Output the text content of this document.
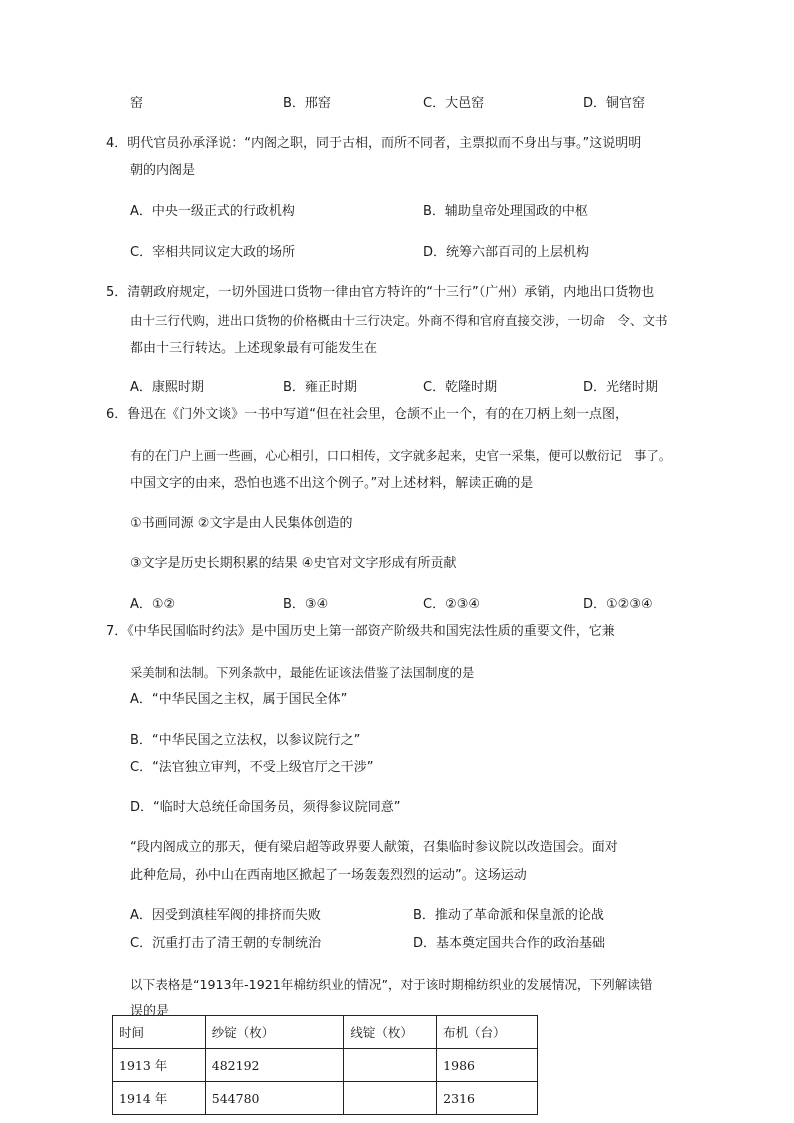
窑	B．邢窑	C．大邑窑	D．铜官窑
4．明代官员孙承泽说：“内阁之职，同于古相，而所不同者，主票拟而不身出与事。”这说明明
朝的内阁是
A．中央一级正式的行政机构	B．辅助皇帝处理国政的中枢
C．宰相共同议定大政的场所	D．统筹六部百司的上层机构
5．清朝政府规定，一切外国进口货物一律由官方特许的“十三行”（广州）承销，内地出口货物也
由十三行代购，进出口货物的价格概由十三行决定。外商不得和官府直接交涉，一切命　令、文书
都由十三行转达。上述现象最有可能发生在
A．康熙时期	B．雍正时期	C．乾隆时期	D．光绪时期
6．鲁迅在《门外文谈》一书中写道“但在社会里，仓颉不止一个，有的在刀柄上刻一点图，
有的在门户上画一些画，心心相引，口口相传，文字就多起来，史官一采集，便可以敷衍记　事了。
中国文字的由来，恐怕也逃不出这个例子。”对上述材料，解读正确的是
①书画同源 ②文字是由人民集体创造的
③文字是历史长期积累的结果 ④史官对文字形成有所贡献
A．①②	B．③④	C．②③④	D．①②③④
7．《中华民国临时约法》是中国历史上第一部资产阶级共和国宪法性质的重要文件，它兼
采美制和法制。下列条款中，最能佐证该法借鉴了法国制度的是
A．“中华民国之主权，属于国民全体”
B．“中华民国之立法权，以参议院行之”
C．“法官独立审判，不受上级官厅之干涉”
D．“临时大总统任命国务员，须得参议院同意”
“段内阁成立的那天，便有梁启超等政界要人献策，召集临时参议院以改造国会。面对
此种危局，孙中山在西南地区掀起了一场轰轰烈烈的运动”。这场运动
A．因受到滇桂军阀的排挤而失败	B．推动了革命派和保皇派的论战
C．沉重打击了清王朝的专制统治	D．基本奠定国共合作的政治基础
以下表格是“1913年-1921年棉纺织业的情况”，对于该时期棉纺织业的发展情况，下列解读错
误的是
时间	纱锭（枚）	线锭（枚）	布机（台）
1913 年	482192		1986
1914 年	544780		2316
